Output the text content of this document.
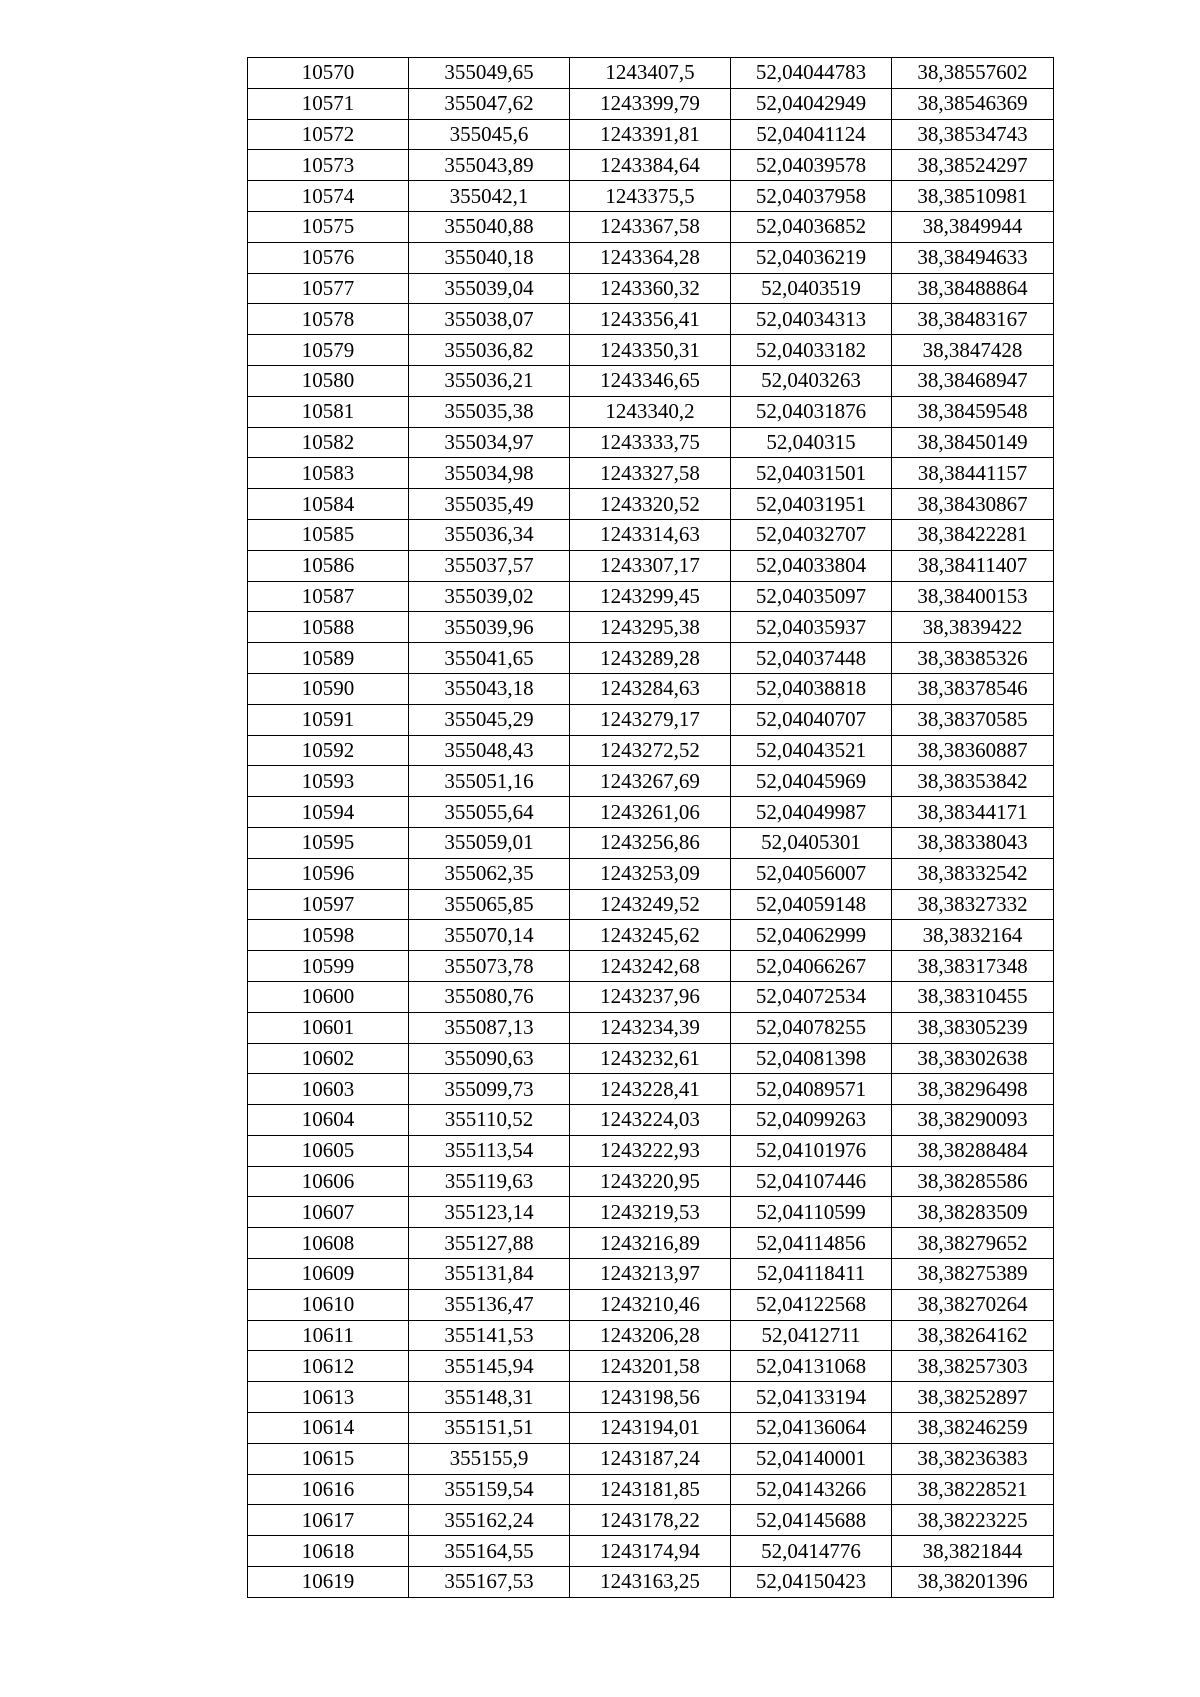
10570	355049,65	1243407,5	52,04044783	38,38557602
10571	355047,62	1243399,79	52,04042949	38,38546369
10572	355045,6	1243391,81	52,04041124	38,38534743
10573	355043,89	1243384,64	52,04039578	38,38524297
10574	355042,1	1243375,5	52,04037958	38,38510981
10575	355040,88	1243367,58	52,04036852	38,3849944
10576	355040,18	1243364,28	52,04036219	38,38494633
10577	355039,04	1243360,32	52,0403519	38,38488864
10578	355038,07	1243356,41	52,04034313	38,38483167
10579	355036,82	1243350,31	52,04033182	38,3847428
10580	355036,21	1243346,65	52,0403263	38,38468947
10581	355035,38	1243340,2	52,04031876	38,38459548
10582	355034,97	1243333,75	52,040315	38,38450149
10583	355034,98	1243327,58	52,04031501	38,38441157
10584	355035,49	1243320,52	52,04031951	38,38430867
10585	355036,34	1243314,63	52,04032707	38,38422281
10586	355037,57	1243307,17	52,04033804	38,38411407
10587	355039,02	1243299,45	52,04035097	38,38400153
10588	355039,96	1243295,38	52,04035937	38,3839422
10589	355041,65	1243289,28	52,04037448	38,38385326
10590	355043,18	1243284,63	52,04038818	38,38378546
10591	355045,29	1243279,17	52,04040707	38,38370585
10592	355048,43	1243272,52	52,04043521	38,38360887
10593	355051,16	1243267,69	52,04045969	38,38353842
10594	355055,64	1243261,06	52,04049987	38,38344171
10595	355059,01	1243256,86	52,0405301	38,38338043
10596	355062,35	1243253,09	52,04056007	38,38332542
10597	355065,85	1243249,52	52,04059148	38,38327332
10598	355070,14	1243245,62	52,04062999	38,3832164
10599	355073,78	1243242,68	52,04066267	38,38317348
10600	355080,76	1243237,96	52,04072534	38,38310455
10601	355087,13	1243234,39	52,04078255	38,38305239
10602	355090,63	1243232,61	52,04081398	38,38302638
10603	355099,73	1243228,41	52,04089571	38,38296498
10604	355110,52	1243224,03	52,04099263	38,38290093
10605	355113,54	1243222,93	52,04101976	38,38288484
10606	355119,63	1243220,95	52,04107446	38,38285586
10607	355123,14	1243219,53	52,04110599	38,38283509
10608	355127,88	1243216,89	52,04114856	38,38279652
10609	355131,84	1243213,97	52,04118411	38,38275389
10610	355136,47	1243210,46	52,04122568	38,38270264
10611	355141,53	1243206,28	52,0412711	38,38264162
10612	355145,94	1243201,58	52,04131068	38,38257303
10613	355148,31	1243198,56	52,04133194	38,38252897
10614	355151,51	1243194,01	52,04136064	38,38246259
10615	355155,9	1243187,24	52,04140001	38,38236383
10616	355159,54	1243181,85	52,04143266	38,38228521
10617	355162,24	1243178,22	52,04145688	38,38223225
10618	355164,55	1243174,94	52,0414776	38,3821844
10619	355167,53	1243163,25	52,04150423	38,38201396
